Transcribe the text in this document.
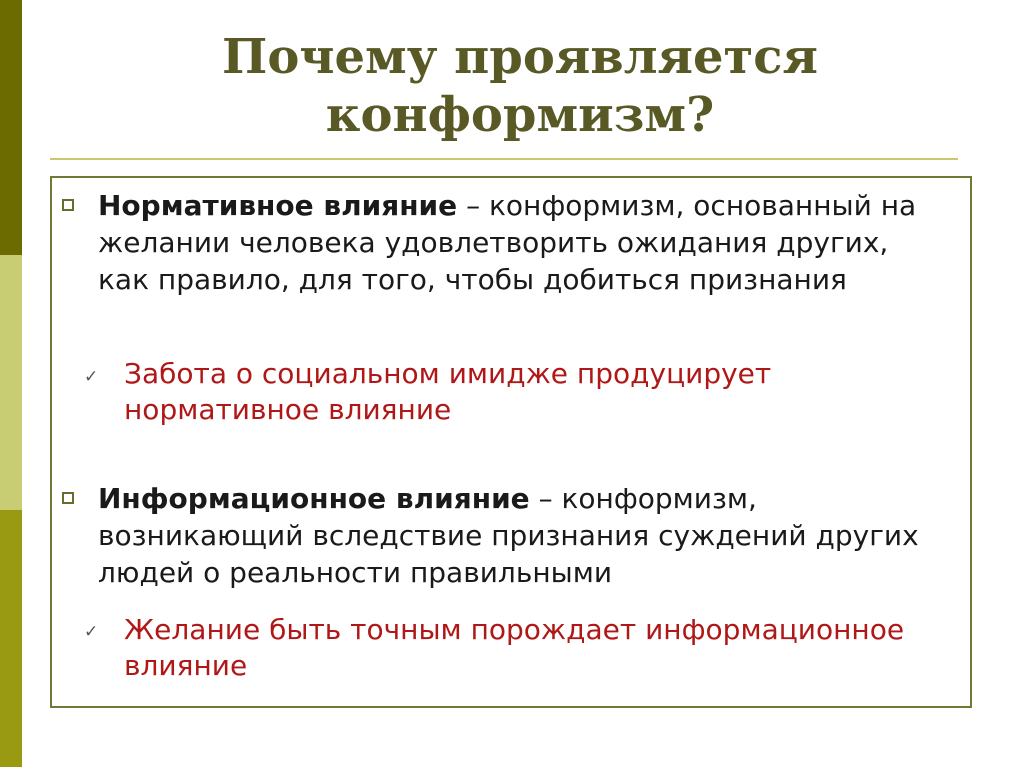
Почему проявляется
конформизм?

Нормативное влияние – конформизм, основанный на желании человека удовлетворить ожидания других, как правило, для того, чтобы добиться признания

✓ Забота о социальном имидже продуцирует нормативное влияние

Информационное влияние – конформизм, возникающий вследствие признания суждений других людей о реальности правильными

✓ Желание быть точным порождает информационное влияние
